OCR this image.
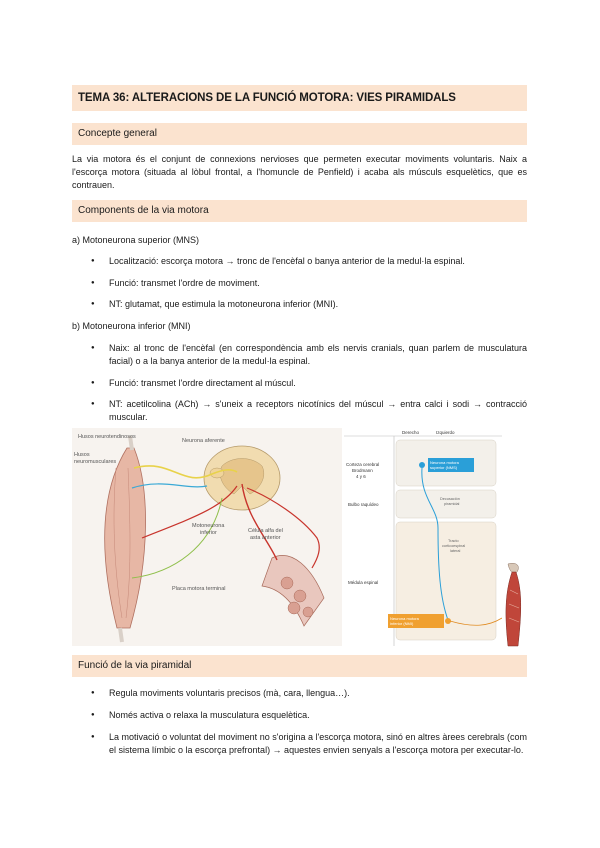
TEMA 36: ALTERACIONS DE LA FUNCIÓ MOTORA: VIES PIRAMIDALS
Concepte general

La via motora és el conjunt de connexions nervioses que permeten executar moviments voluntaris. Naix a l'escorça motora (situada al lòbul frontal, a l'homuncle de Penfield) i acaba als músculs esquelètics, que es contrauen.

Components de la via motora
a) Motoneurona superior (MNS)
● Localització: escorça motora → tronc de l'encèfal o banya anterior de la medul·la espinal.
● Funció: transmet l'ordre de moviment.
● NT: glutamat, que estimula la motoneurona inferior (MNI).
b) Motoneurona inferior (MNI)
● Naix: al tronc de l'encèfal (en correspondència amb els nervis cranials, quan parlem de musculatura facial) o a la banya anterior de la medul·la espinal.
● Funció: transmet l'ordre directament al múscul.
● NT: acetilcolina (ACh) → s'uneix a receptors nicotínics del múscul → entra calci i sodi → contracció muscular.
Husos neurotendinosos
Husos
neuromusculares
Neurona aferente
Motoneurona
inferior	Célula alfa del
asta anterior
Placa motora terminal
Derecho	Izquierdo
Corteza cerebral
Brodmann
4 y 6
Bulbo raquídeo
Médula espinal
Neurona motora
superior (NMS)
Decusación
piramidal
Tracto
corticoespinal
lateral
Neurona motora
inferior (NMI)
Funció de la via piramidal
● Regula moviments voluntaris precisos (mà, cara, llengua…).
● Només activa o relaxa la musculatura esquelètica.
● La motivació o voluntat del moviment no s'origina a l'escorça motora, sinó en altres àrees cerebrals (com el sistema límbic o la escorça prefrontal) → aquestes envien senyals a l'escorça motora per executar-lo.
